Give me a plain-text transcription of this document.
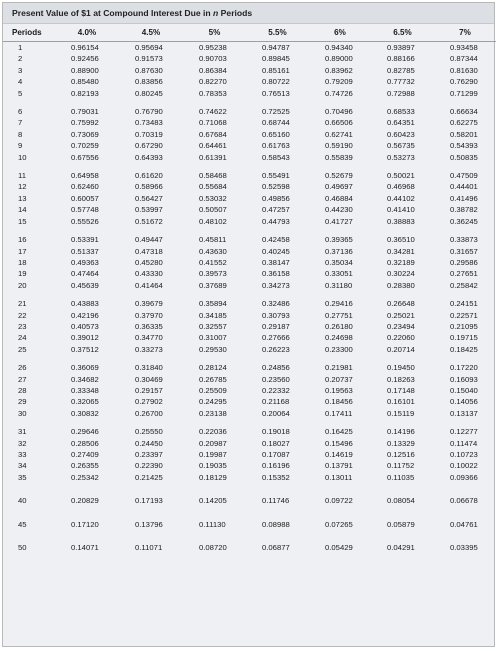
Present Value of $1 at Compound Interest Due in n Periods
Periods	4.0%	4.5%	5%	5.5%	6%	6.5%	7%
1	0.96154	0.95694	0.95238	0.94787	0.94340	0.93897	0.93458
2	0.92456	0.91573	0.90703	0.89845	0.89000	0.88166	0.87344
3	0.88900	0.87630	0.86384	0.85161	0.83962	0.82785	0.81630
4	0.85480	0.83856	0.82270	0.80722	0.79209	0.77732	0.76290
5	0.82193	0.80245	0.78353	0.76513	0.74726	0.72988	0.71299

6	0.79031	0.76790	0.74622	0.72525	0.70496	0.68533	0.66634
7	0.75992	0.73483	0.71068	0.68744	0.66506	0.64351	0.62275
8	0.73069	0.70319	0.67684	0.65160	0.62741	0.60423	0.58201
9	0.70259	0.67290	0.64461	0.61763	0.59190	0.56735	0.54393
10	0.67556	0.64393	0.61391	0.58543	0.55839	0.53273	0.50835

11	0.64958	0.61620	0.58468	0.55491	0.52679	0.50021	0.47509
12	0.62460	0.58966	0.55684	0.52598	0.49697	0.46968	0.44401
13	0.60057	0.56427	0.53032	0.49856	0.46884	0.44102	0.41496
14	0.57748	0.53997	0.50507	0.47257	0.44230	0.41410	0.38782
15	0.55526	0.51672	0.48102	0.44793	0.41727	0.38883	0.36245

16	0.53391	0.49447	0.45811	0.42458	0.39365	0.36510	0.33873
17	0.51337	0.47318	0.43630	0.40245	0.37136	0.34281	0.31657
18	0.49363	0.45280	0.41552	0.38147	0.35034	0.32189	0.29586
19	0.47464	0.43330	0.39573	0.36158	0.33051	0.30224	0.27651
20	0.45639	0.41464	0.37689	0.34273	0.31180	0.28380	0.25842

21	0.43883	0.39679	0.35894	0.32486	0.29416	0.26648	0.24151
22	0.42196	0.37970	0.34185	0.30793	0.27751	0.25021	0.22571
23	0.40573	0.36335	0.32557	0.29187	0.26180	0.23494	0.21095
24	0.39012	0.34770	0.31007	0.27666	0.24698	0.22060	0.19715
25	0.37512	0.33273	0.29530	0.26223	0.23300	0.20714	0.18425

26	0.36069	0.31840	0.28124	0.24856	0.21981	0.19450	0.17220
27	0.34682	0.30469	0.26785	0.23560	0.20737	0.18263	0.16093
28	0.33348	0.29157	0.25509	0.22332	0.19563	0.17148	0.15040
29	0.32065	0.27902	0.24295	0.21168	0.18456	0.16101	0.14056
30	0.30832	0.26700	0.23138	0.20064	0.17411	0.15119	0.13137

31	0.29646	0.25550	0.22036	0.19018	0.16425	0.14196	0.12277
32	0.28506	0.24450	0.20987	0.18027	0.15496	0.13329	0.11474
33	0.27409	0.23397	0.19987	0.17087	0.14619	0.12516	0.10723
34	0.26355	0.22390	0.19035	0.16196	0.13791	0.11752	0.10022
35	0.25342	0.21425	0.18129	0.15352	0.13011	0.11035	0.09366

40	0.20829	0.17193	0.14205	0.11746	0.09722	0.08054	0.06678

45	0.17120	0.13796	0.11130	0.08988	0.07265	0.05879	0.04761

50	0.14071	0.11071	0.08720	0.06877	0.05429	0.04291	0.03395
